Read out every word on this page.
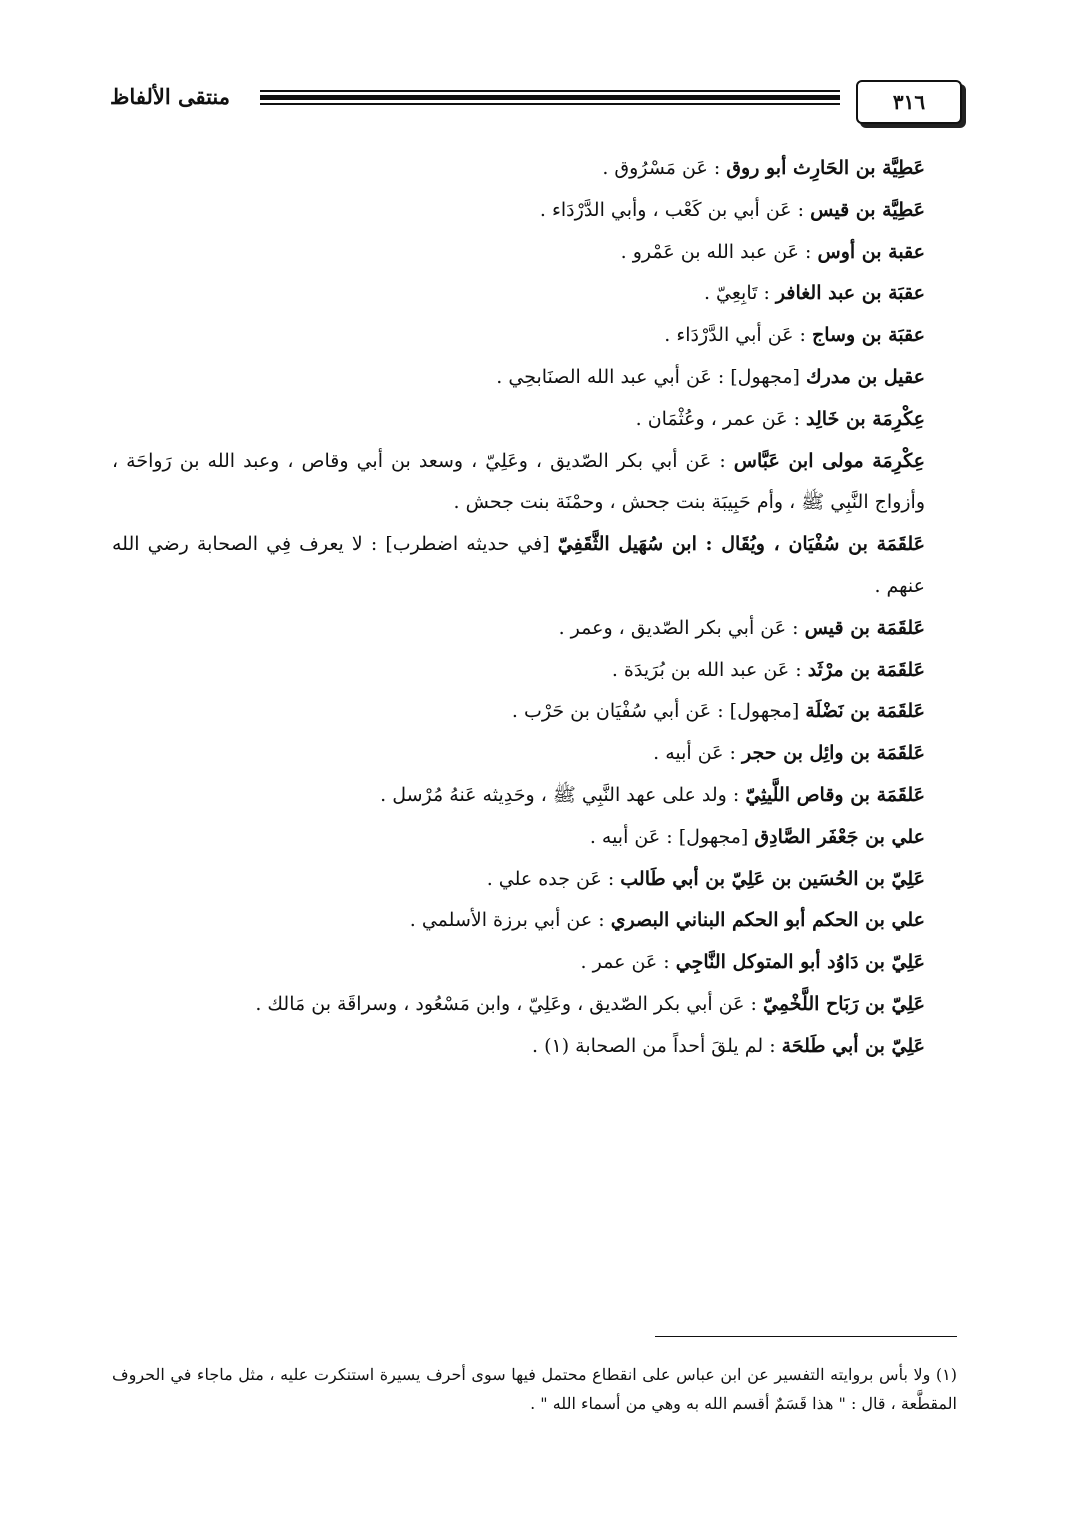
٣١٦
منتقى الألفاظ

عَطِيَّة بن الحَارِث أبو روق : عَن مَسْرُوق .

عَطِيَّة بن قيس : عَن أبي بن كَعْب ، وأبي الدَّرْدَاء .

عقبة بن أوس : عَن عبد الله بن عَمْرو .

عقبَة بن عبد الغافر : تَابِعِيّ .

عقبَة بن وساج : عَن أبي الدَّرْدَاء .

عقيل بن مدرك [مجهول] : عَن أبي عبد الله الصنَابحِي .

عِكْرِمَة بن خَالِد : عَن عمر ، وعُثْمَان .

عِكْرِمَة مولى ابن عَبَّاس : عَن أبي بكر الصّديق ، وعَلِيّ ، وسعد بن أبي وقاص ، وعبد الله بن رَواحَة ، وأزواج النَّبِي ﷺ ، وأم حَبِيبَة بنت جحش ، وحمْنَة بنت جحش .

عَلقَمَة بن سُفْيَان ، ويُقَال : ابن سُهَيل الثَّقَفِيّ [في حديثه اضطرب] : لا يعرف فِي الصحابة رضي الله عنهم .

عَلقَمَة بن قيس : عَن أبي بكر الصّديق ، وعمر .

عَلقَمَة بن مرْثَد : عَن عبد الله بن بُرَيدَة .

عَلقَمَة بن نَضْلَة [مجهول] : عَن أبي سُفْيَان بن حَرْب .

عَلقَمَة بن وائِل بن حجر : عَن أبيه .

عَلقَمَة بن وقاص اللَّيثِيّ : ولد على عهد النَّبِي ﷺ ، وحَدِيثه عَنهُ مُرْسل .

علي بن جَعْفَر الصَّادِق [مجهول] : عَن أبيه .

عَلِيّ بن الحُسَين بن عَلِيّ بن أبي طَالب : عَن جده علي .

علي بن الحكم أبو الحكم البناني البصري : عن أبي برزة الأسلمي .

عَلِيّ بن دَاوُد أبو المتوكل النَّاجِي : عَن عمر .

عَلِيّ بن رَبَاح اللَّخْمِيّ : عَن أبي بكر الصّديق ، وعَلِيّ ، وابن مَسْعُود ، وسراقَة بن مَالك .

عَلِيّ بن أبي طَلحَة : لم يلقَ أحداً من الصحابة (١) .

(١) ولا بأس بروايته التفسير عن ابن عباس على انقطاع محتمل فيها سوى أحرف يسيرة استنكرت عليه ، مثل ماجاء في الحروف المقطَّعة ، قال : " هذا قَسَمٌ أقسم الله به وهي من أسماء الله " .
